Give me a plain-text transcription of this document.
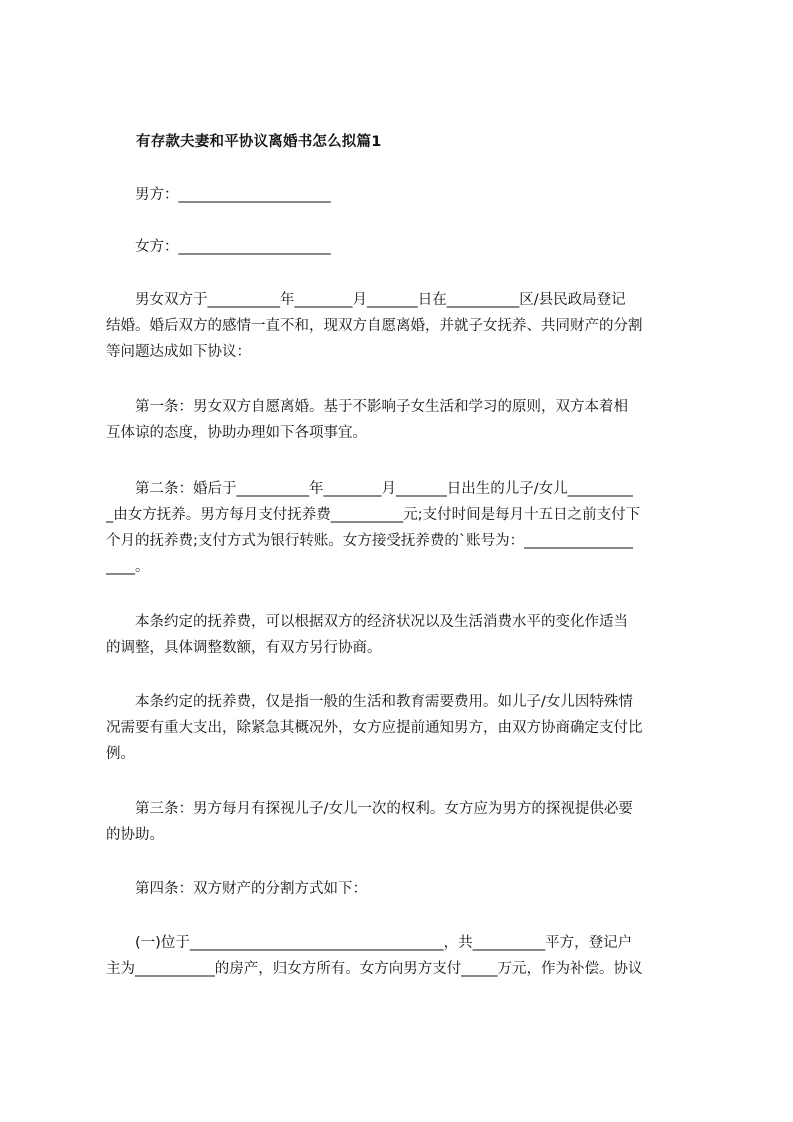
有存款夫妻和平协议离婚书怎么拟篇1
　　男方：_____________________
　　女方：_____________________
　　男女双方于__________年________月_______日在__________区/县民政局登记
结婚。婚后双方的感情一直不和，现双方自愿离婚，并就子女抚养、共同财产的分割
等问题达成如下协议：
　　第一条：男女双方自愿离婚。基于不影响子女生活和学习的原则，双方本着相
互体谅的态度，协助办理如下各项事宜。
　　第二条：婚后于__________年________月_______日出生的儿子/女儿_________
_由女方抚养。男方每月支付抚养费__________元;支付时间是每月十五日之前支付下
个月的抚养费;支付方式为银行转账。女方接受抚养费的`账号为：_______________
____。
　　本条约定的抚养费，可以根据双方的经济状况以及生活消费水平的变化作适当
的调整，具体调整数额，有双方另行协商。
　　本条约定的抚养费，仅是指一般的生活和教育需要费用。如儿子/女儿因特殊情
况需要有重大支出，除紧急其概况外，女方应提前通知男方，由双方协商确定支付比
例。
　　第三条：男方每月有探视儿子/女儿一次的权利。女方应为男方的探视提供必要
的协助。
　　第四条：双方财产的分割方式如下：
　　(一)位于___________________________________，共__________平方，登记户
主为___________的房产，归女方所有。女方向男方支付_____万元，作为补偿。协议
